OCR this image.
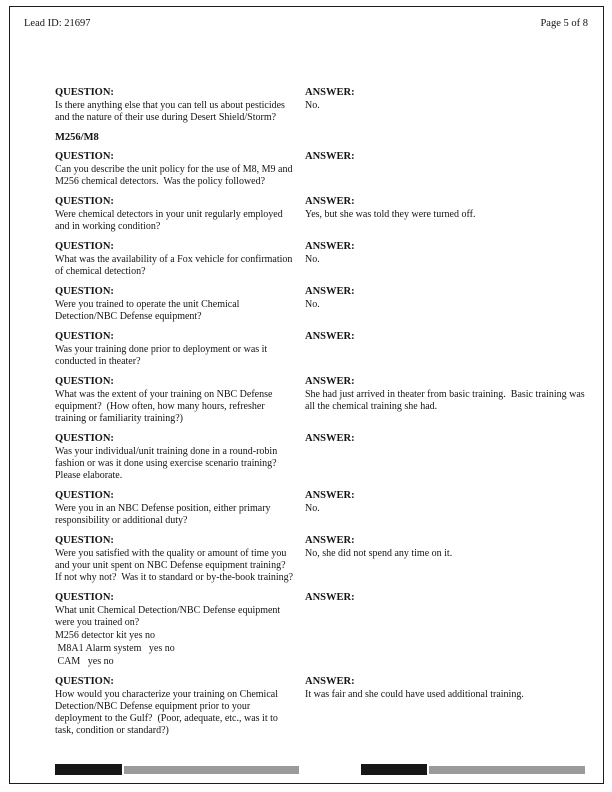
Lead ID: 21697	Page 5 of 8
QUESTION:
Is there anything else that you can tell us about pesticides and the nature of their use during Desert Shield/Storm?
ANSWER:
No.
M256/M8
QUESTION:
Can you describe the unit policy for the use of M8, M9 and M256 chemical detectors.  Was the policy followed?
ANSWER:
QUESTION:
Were chemical detectors in your unit regularly employed and in working condition?
ANSWER:
Yes, but she was told they were turned off.
QUESTION:
What was the availability of a Fox vehicle for confirmation of chemical detection?
ANSWER:
No.
QUESTION:
Were you trained to operate the unit Chemical Detection/NBC Defense equipment?
ANSWER:
No.
QUESTION:
Was your training done prior to deployment or was it conducted in theater?
ANSWER:
QUESTION:
What was the extent of your training on NBC Defense equipment?  (How often, how many hours, refresher training or familiarity training?)
ANSWER:
She had just arrived in theater from basic training.  Basic training was all the chemical training she had.
QUESTION:
Was your individual/unit training done in a round-robin fashion or was it done using exercise scenario training? Please elaborate.
ANSWER:
QUESTION:
Were you in an NBC Defense position, either primary responsibility or additional duty?
ANSWER:
No.
QUESTION:
Were you satisfied with the quality or amount of time you and your unit spent on NBC Defense equipment training?  If not why not?  Was it to standard or by-the-book training?
ANSWER:
No, she did not spend any time on it.
QUESTION:
What unit Chemical Detection/NBC Defense equipment were you trained on?
M256 detector kit yes no
M8A1 Alarm system   yes no
CAM   yes no
ANSWER:
QUESTION:
How would you characterize your training on Chemical Detection/NBC Defense equipment prior to your deployment to the Gulf?  (Poor, adequate, etc., was it to task, condition or standard?)
ANSWER:
It was fair and she could have used additional training.
